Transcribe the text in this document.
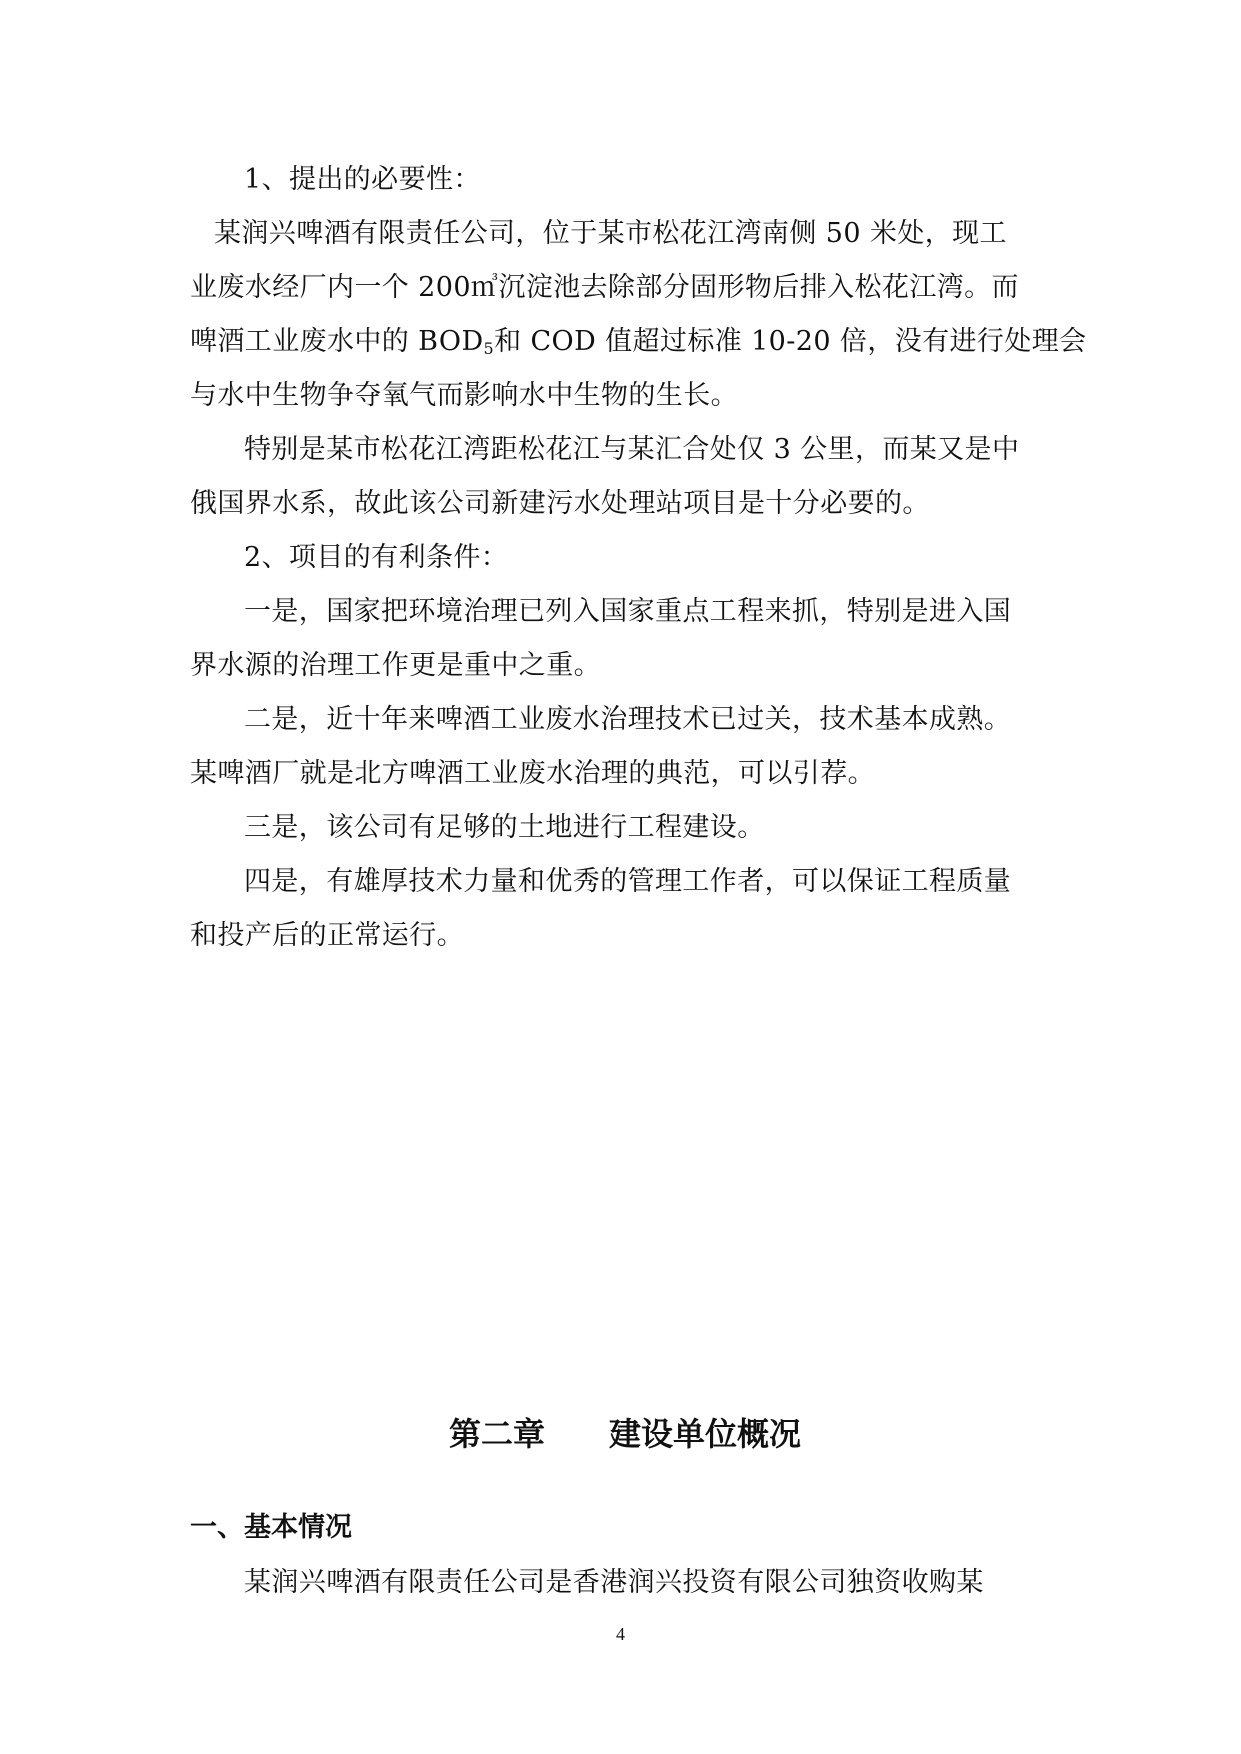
1、提出的必要性：
某润兴啤酒有限责任公司，位于某市松花江湾南侧 50 米处，现工
业废水经厂内一个 200㎥沉淀池去除部分固形物后排入松花江湾。而
啤酒工业废水中的 $BOD_5$和 COD 值超过标准 10-20 倍，没有进行处理会
与水中生物争夺氧气而影响水中生物的生长。
特别是某市松花江湾距松花江与某汇合处仅 3 公里，而某又是中
俄国界水系，故此该公司新建污水处理站项目是十分必要的。
2、项目的有利条件：
一是，国家把环境治理已列入国家重点工程来抓，特别是进入国
界水源的治理工作更是重中之重。
二是，近十年来啤酒工业废水治理技术已过关，技术基本成熟。
某啤酒厂就是北方啤酒工业废水治理的典范，可以引荐。
三是，该公司有足够的土地进行工程建设。
四是，有雄厚技术力量和优秀的管理工作者，可以保证工程质量
和投产后的正常运行。
第二章　　建设单位概况
一、基本情况
某润兴啤酒有限责任公司是香港润兴投资有限公司独资收购某
4
